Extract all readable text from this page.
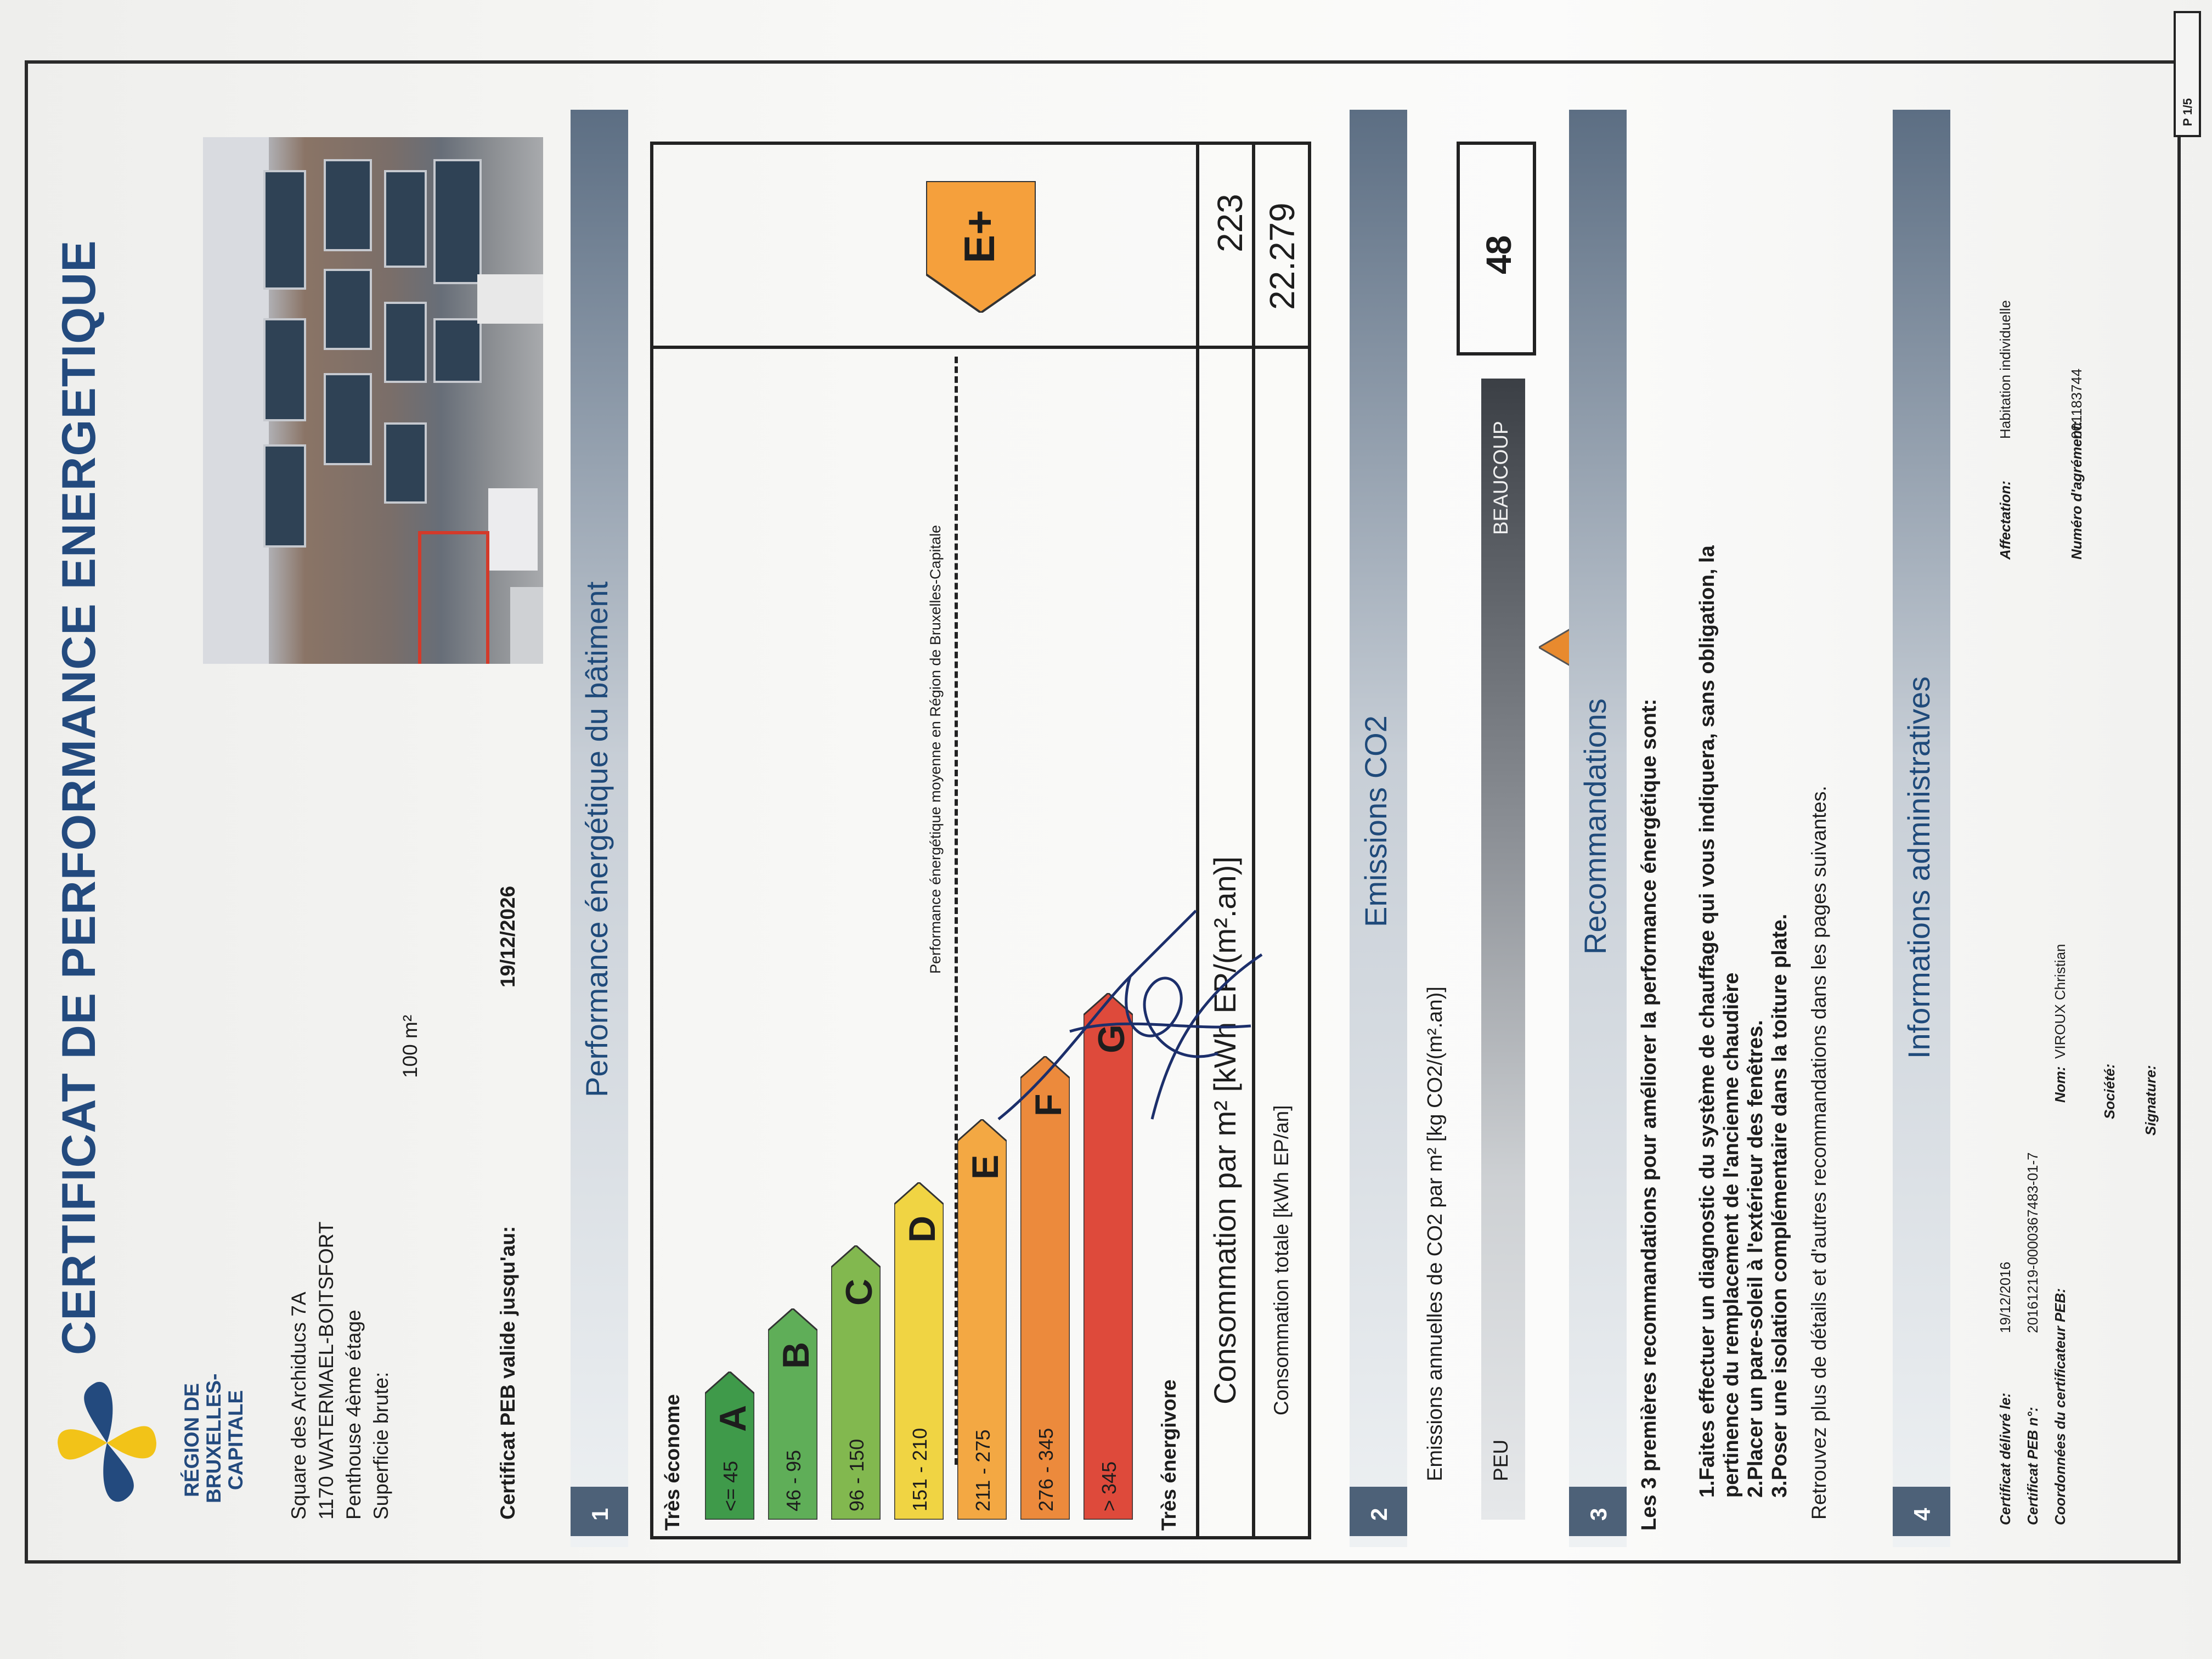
CERTIFICAT DE PERFORMANCE ENERGETIQUE
RÉGION DE
BRUXELLES-
CAPITALE Square des Archiducs 7A 1170 WATERMAEL-BOITSFORT Penthouse 4ème étage Superficie brute:
100 m²
Certificat PEB valide jusqu'au:
19/12/2026
1
Performance énergétique du bâtiment
Très économe	Très énergivore
Performance énergétique moyenne en Région de Bruxelles-Capitale
E+
Consommation par m² [kWh EP/(m².an)]
223
Consommation totale [kWh EP/an]
22.279
2
Emissions CO2
Emissions annuelles de CO2 par m² [kg CO2/(m².an)]
48
PEU
BEAUCOUP
3
Recommandations Les 3 premières recommandations pour améliorer la performance énergétique sont: 1.Faites effectuer un diagnostic du système de chauffage qui vous indiquera, sans obligation, la pertinence du remplacement de l'ancienne chaudière 2.Placer un pare-soleil à l'extérieur des fenêtres. 3.Poser une isolation complémentaire dans la toiture plate. Retrouvez plus de détails et d'autres recommandations dans les pages suivantes.	4
Informations administratives
Certificat délivré le:
19/12/2016
Certificat PEB n°:
20161219-0000367483-01-7
Coordonnées du certificateur PEB:
Nom:
VIROUX Christian
Société: Signature:
Affectation:
Habitation individuelle
Numéro d'agrément:
001183744
P 1/5
<= 45
A
46 - 95
B
96 - 150
C
151 - 210
D
211 - 275
E
276 - 345
F
> 345
G
